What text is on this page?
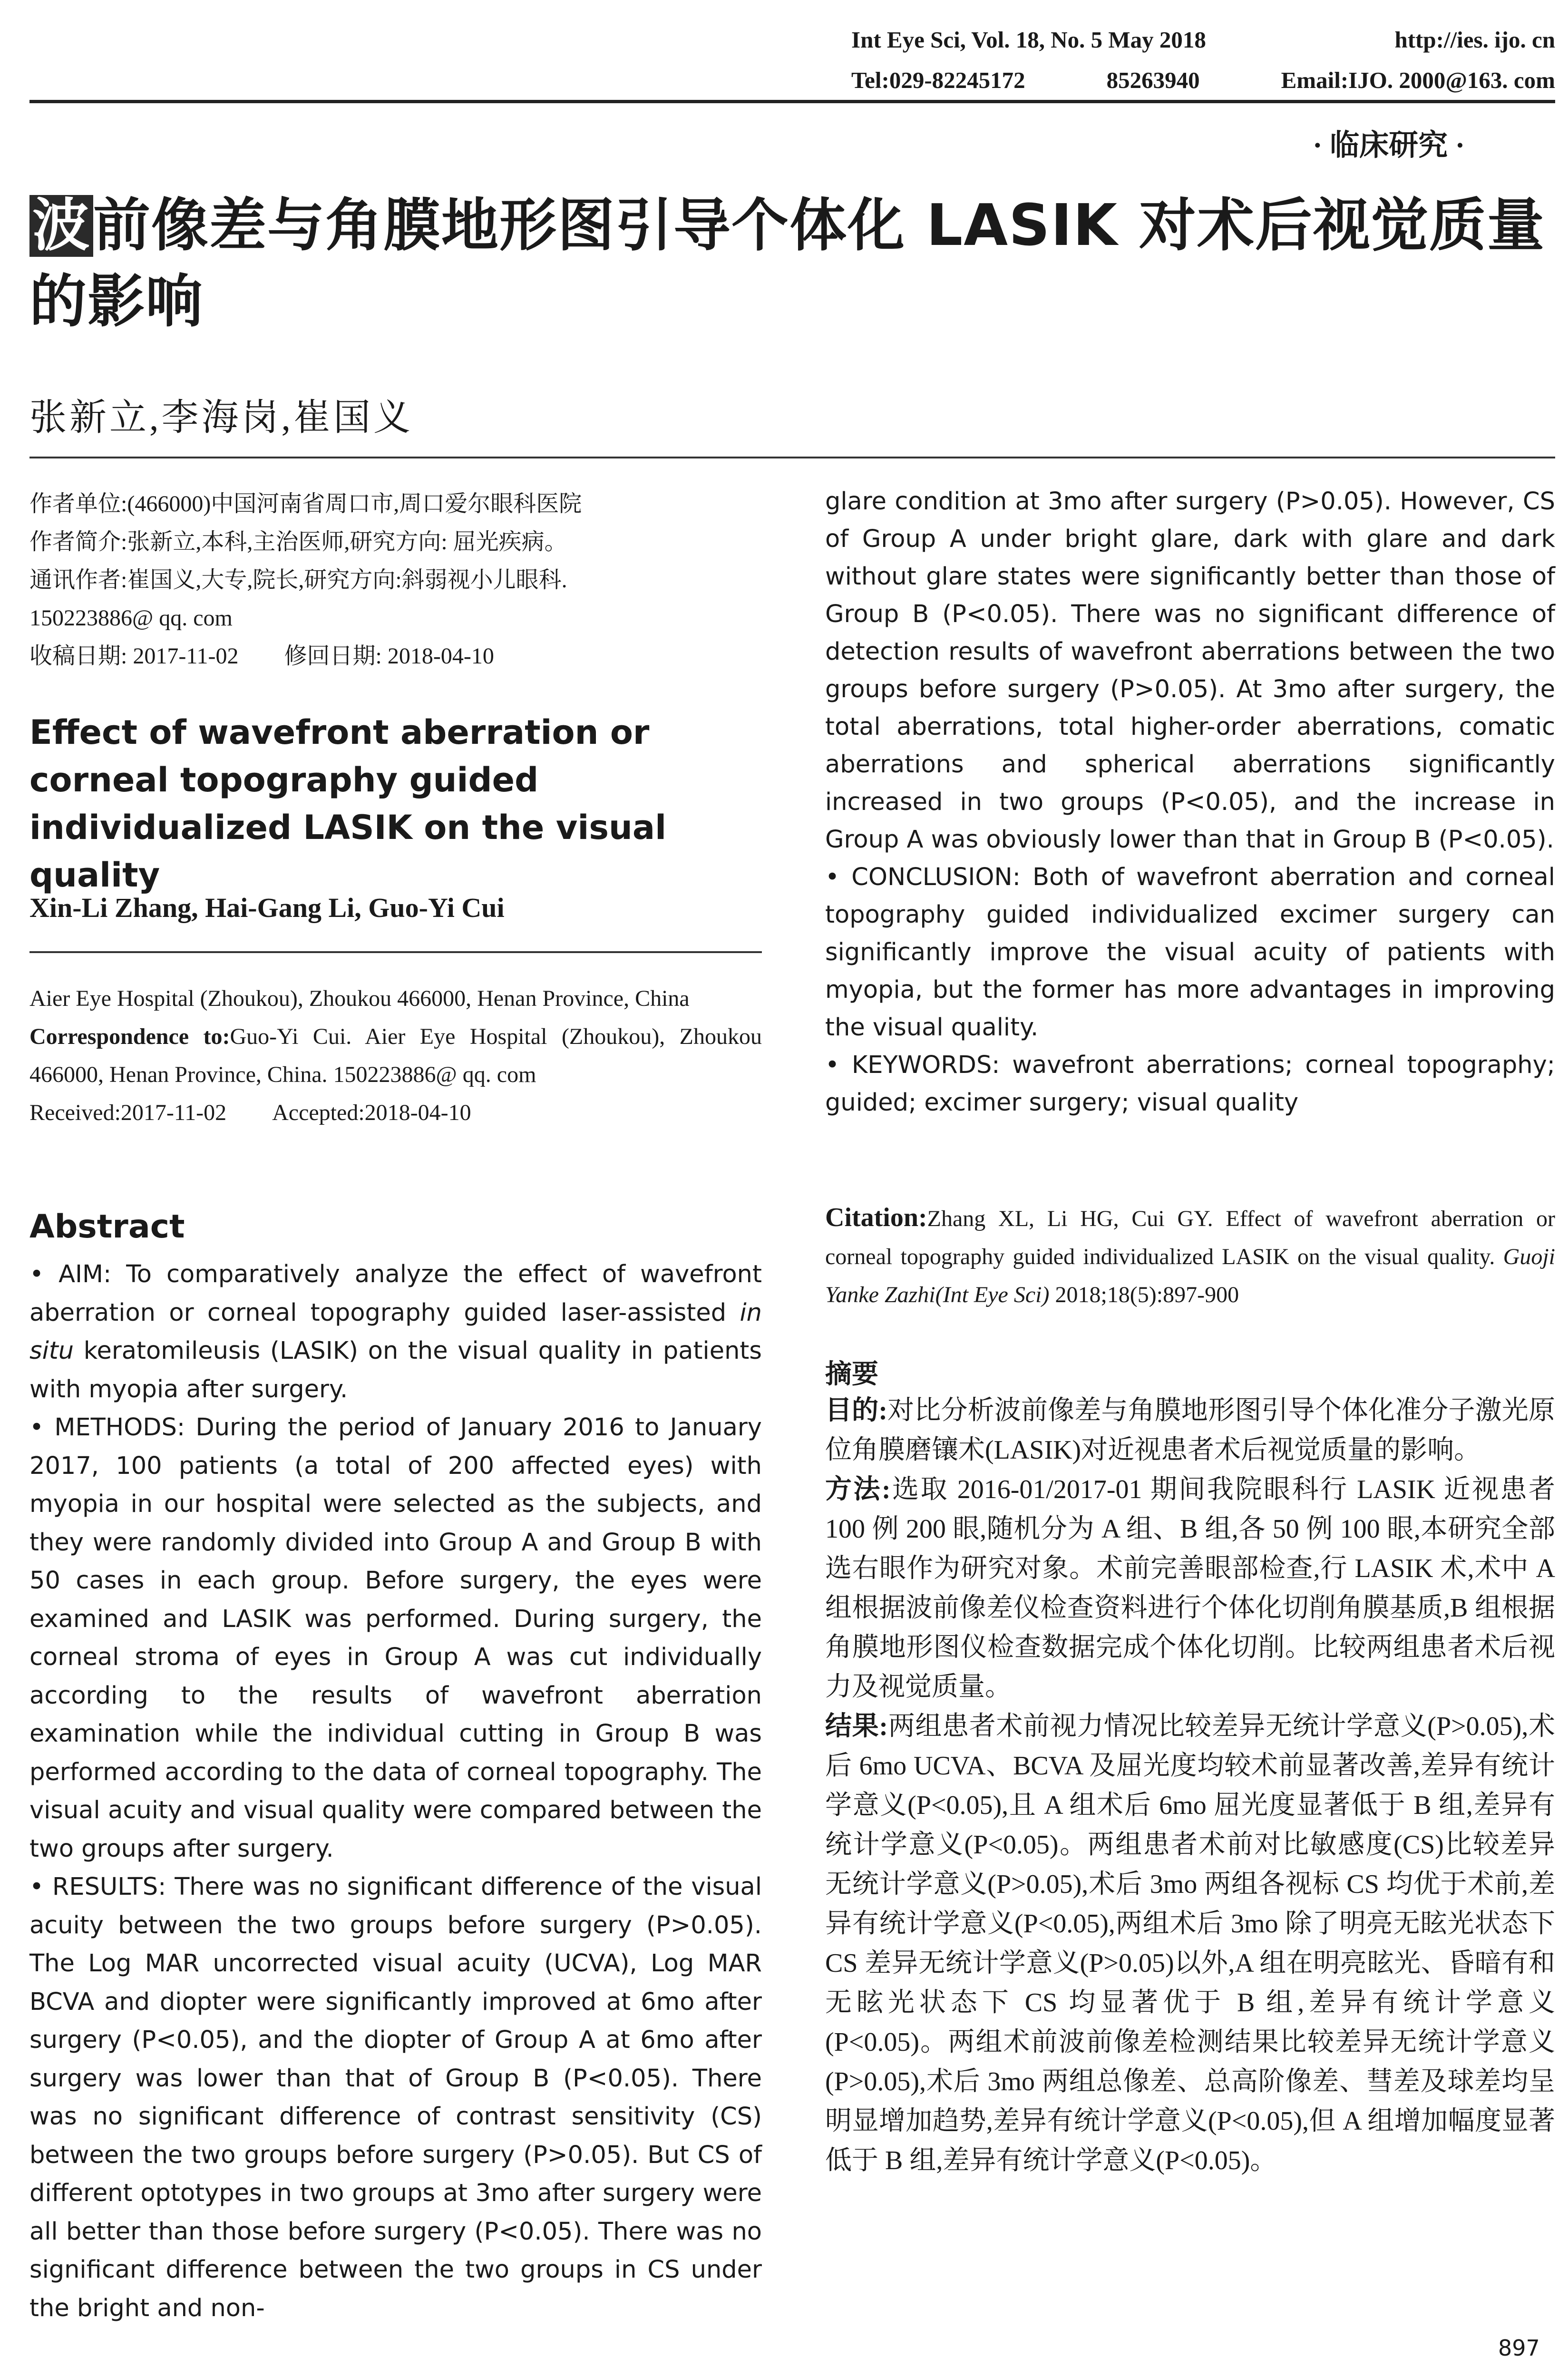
Int Eye Sci, Vol. 18, No. 5 May 2018	http://ies. ijo. cn
Tel:029-82245172	85263940	Email:IJO. 2000@163. com
· 临床研究 ·
波前像差与角膜地形图引导个体化 LASIK 对术后视觉质量的影响
张新立,李海岗,崔国义
作者单位:(466000)中国河南省周口市,周口爱尔眼科医院
作者简介:张新立,本科,主治医师,研究方向: 屈光疾病。
通讯作者:崔国义,大专,院长,研究方向:斜弱视小儿眼科.
150223886@ qq. com
收稿日期: 2017-11-02　　修回日期: 2018-04-10
Effect of wavefront aberration or corneal topography guided individualized LASIK on the visual quality
Xin-Li Zhang, Hai-Gang Li, Guo-Yi Cui
Aier Eye Hospital (Zhoukou), Zhoukou 466000, Henan Province, China
Correspondence to:Guo-Yi Cui. Aier Eye Hospital (Zhoukou), Zhoukou 466000, Henan Province, China. 150223886@ qq. com
Received:2017-11-02　　Accepted:2018-04-10
Abstract
• AIM: To comparatively analyze the effect of wavefront aberration or corneal topography guided laser-assisted in situ keratomileusis (LASIK) on the visual quality in patients with myopia after surgery.
• METHODS: During the period of January 2016 to January 2017, 100 patients (a total of 200 affected eyes) with myopia in our hospital were selected as the subjects, and they were randomly divided into Group A and Group B with 50 cases in each group. Before surgery, the eyes were examined and LASIK was performed. During surgery, the corneal stroma of eyes in Group A was cut individually according to the results of wavefront aberration examination while the individual cutting in Group B was performed according to the data of corneal topography. The visual acuity and visual quality were compared between the two groups after surgery.
• RESULTS: There was no significant difference of the visual acuity between the two groups before surgery (P>0.05). The Log MAR uncorrected visual acuity (UCVA), Log MAR BCVA and diopter were significantly improved at 6mo after surgery (P<0.05), and the diopter of Group A at 6mo after surgery was lower than that of Group B (P<0.05). There was no significant difference of contrast sensitivity (CS) between the two groups before surgery (P>0.05). But CS of different optotypes in two groups at 3mo after surgery were all better than those before surgery (P<0.05). There was no significant difference between the two groups in CS under the bright and non-
glare condition at 3mo after surgery (P>0.05). However, CS of Group A under bright glare, dark with glare and dark without glare states were significantly better than those of Group B (P<0.05). There was no significant difference of detection results of wavefront aberrations between the two groups before surgery (P>0.05). At 3mo after surgery, the total aberrations, total higher-order aberrations, comatic aberrations and spherical aberrations significantly increased in two groups (P<0.05), and the increase in Group A was obviously lower than that in Group B (P<0.05).
• CONCLUSION: Both of wavefront aberration and corneal topography guided individualized excimer surgery can significantly improve the visual acuity of patients with myopia, but the former has more advantages in improving the visual quality.
• KEYWORDS: wavefront aberrations; corneal topography; guided; excimer surgery; visual quality
Citation:Zhang XL, Li HG, Cui GY. Effect of wavefront aberration or corneal topography guided individualized LASIK on the visual quality. Guoji Yanke Zazhi(Int Eye Sci) 2018;18(5):897-900
摘要
目的:对比分析波前像差与角膜地形图引导个体化准分子激光原位角膜磨镶术(LASIK)对近视患者术后视觉质量的影响。
方法:选取 2016-01/2017-01 期间我院眼科行 LASIK 近视患者 100 例 200 眼,随机分为 A 组、B 组,各 50 例 100 眼,本研究全部选右眼作为研究对象。术前完善眼部检查,行 LASIK 术,术中 A 组根据波前像差仪检查资料进行个体化切削角膜基质,B 组根据角膜地形图仪检查数据完成个体化切削。比较两组患者术后视力及视觉质量。
结果:两组患者术前视力情况比较差异无统计学意义(P>0.05),术后 6mo UCVA、BCVA 及屈光度均较术前显著改善,差异有统计学意义(P<0.05),且 A 组术后 6mo 屈光度显著低于 B 组,差异有统计学意义(P<0.05)。两组患者术前对比敏感度(CS)比较差异无统计学意义(P>0.05),术后 3mo 两组各视标 CS 均优于术前,差异有统计学意义(P<0.05),两组术后 3mo 除了明亮无眩光状态下 CS 差异无统计学意义(P>0.05)以外,A 组在明亮眩光、昏暗有和无眩光状态下 CS 均显著优于 B 组,差异有统计学意义(P<0.05)。两组术前波前像差检测结果比较差异无统计学意义(P>0.05),术后 3mo 两组总像差、总高阶像差、彗差及球差均呈明显增加趋势,差异有统计学意义(P<0.05),但 A 组增加幅度显著低于 B 组,差异有统计学意义(P<0.05)。
897
